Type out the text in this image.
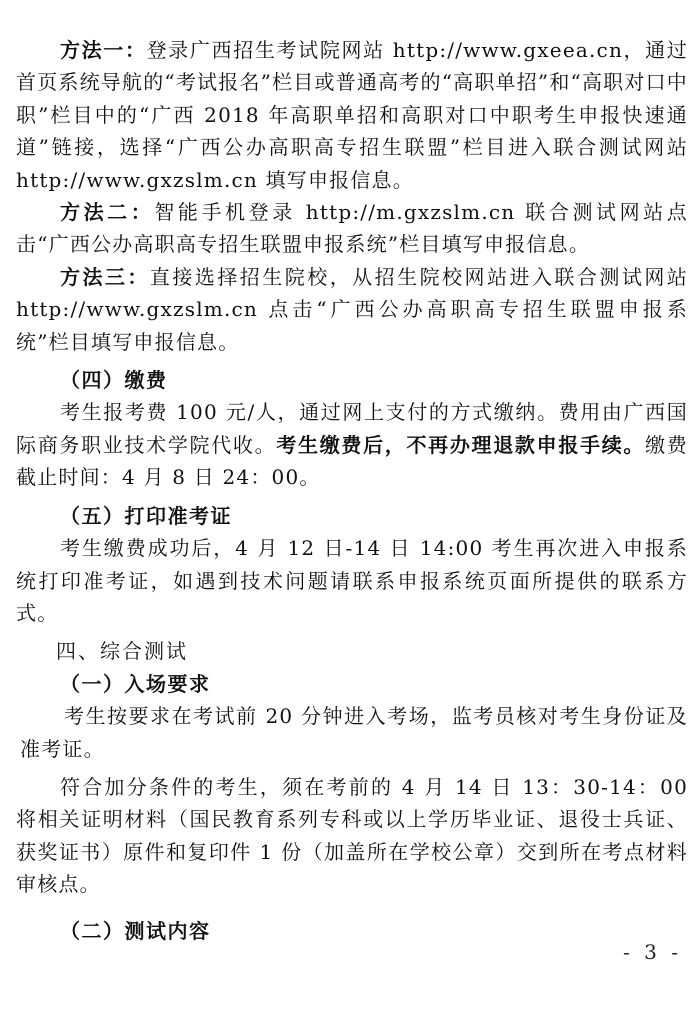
方法一：登录广西招生考试院网站 http://www.gxeea.cn，通过首页系统导航的“考试报名”栏目或普通高考的“高职单招”和“高职对口中职”栏目中的“广西 2018 年高职单招和高职对口中职考生申报快速通道”链接，选择“广西公办高职高专招生联盟”栏目进入联合测试网站 http://www.gxzslm.cn 填写申报信息。

方法二：智能手机登录 http://m.gxzslm.cn 联合测试网站点击“广西公办高职高专招生联盟申报系统”栏目填写申报信息。

方法三：直接选择招生院校，从招生院校网站进入联合测试网站 http://www.gxzslm.cn 点击“广西公办高职高专招生联盟申报系统”栏目填写申报信息。

（四）缴费

考生报考费 100 元/人，通过网上支付的方式缴纳。费用由广西国际商务职业技术学院代收。考生缴费后，不再办理退款申报手续。缴费截止时间：4 月 8 日 24：00。

（五）打印准考证

考生缴费成功后，4 月 12 日-14 日 14:00 考生再次进入申报系统打印准考证，如遇到技术问题请联系申报系统页面所提供的联系方式。

四、综合测试

（一）入场要求

考生按要求在考试前 20 分钟进入考场，监考员核对考生身份证及准考证。

符合加分条件的考生，须在考前的 4 月 14 日 13：30-14：00 将相关证明材料（国民教育系列专科或以上学历毕业证、退役士兵证、获奖证书）原件和复印件 1 份（加盖所在学校公章）交到所在考点材料审核点。

（二）测试内容

- 3 -
